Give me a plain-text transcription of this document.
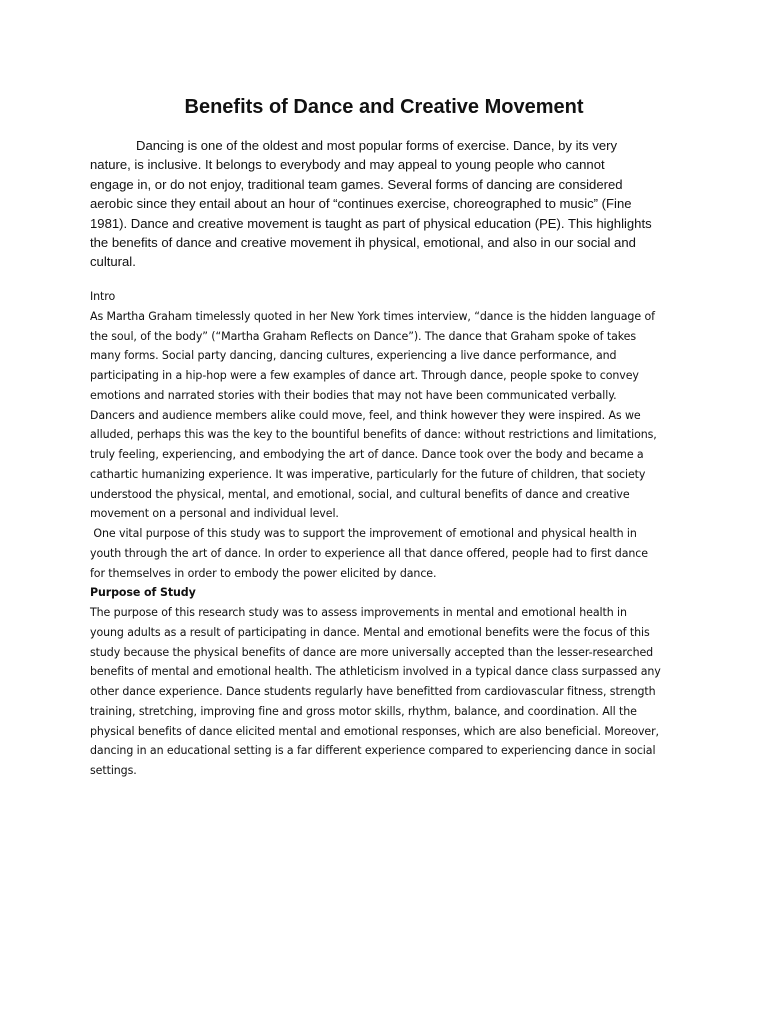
Benefits of Dance and Creative Movement
Dancing is one of the oldest and most popular forms of exercise. Dance, by its very
nature, is inclusive. It belongs to everybody and may appeal to young people who cannot
engage in, or do not enjoy, traditional team games. Several forms of dancing are considered
aerobic since they entail about an hour of “continues exercise, choreographed to music” (Fine
1981). Dance and creative movement is taught as part of physical education (PE). This highlights
the benefits of dance and creative movement ih physical, emotional, and also in our social and
cultural.
Intro
As Martha Graham timelessly quoted in her New York times interview, “dance is the hidden language of
the soul, of the body” (“Martha Graham Reflects on Dance”). The dance that Graham spoke of takes
many forms. Social party dancing, dancing cultures, experiencing a live dance performance, and
participating in a hip-hop were a few examples of dance art. Through dance, people spoke to convey
emotions and narrated stories with their bodies that may not have been communicated verbally.
Dancers and audience members alike could move, feel, and think however they were inspired. As we
alluded, perhaps this was the key to the bountiful benefits of dance: without restrictions and limitations,
truly feeling, experiencing, and embodying the art of dance. Dance took over the body and became a
cathartic humanizing experience. It was imperative, particularly for the future of children, that society
understood the physical, mental, and emotional, social, and cultural benefits of dance and creative
movement on a personal and individual level.
One vital purpose of this study was to support the improvement of emotional and physical health in
youth through the art of dance. In order to experience all that dance offered, people had to first dance
for themselves in order to embody the power elicited by dance.
Purpose of Study
The purpose of this research study was to assess improvements in mental and emotional health in
young adults as a result of participating in dance. Mental and emotional benefits were the focus of this
study because the physical benefits of dance are more universally accepted than the lesser-researched
benefits of mental and emotional health. The athleticism involved in a typical dance class surpassed any
other dance experience. Dance students regularly have benefitted from cardiovascular fitness, strength
training, stretching, improving fine and gross motor skills, rhythm, balance, and coordination. All the
physical benefits of dance elicited mental and emotional responses, which are also beneficial. Moreover,
dancing in an educational setting is a far different experience compared to experiencing dance in social
settings.
